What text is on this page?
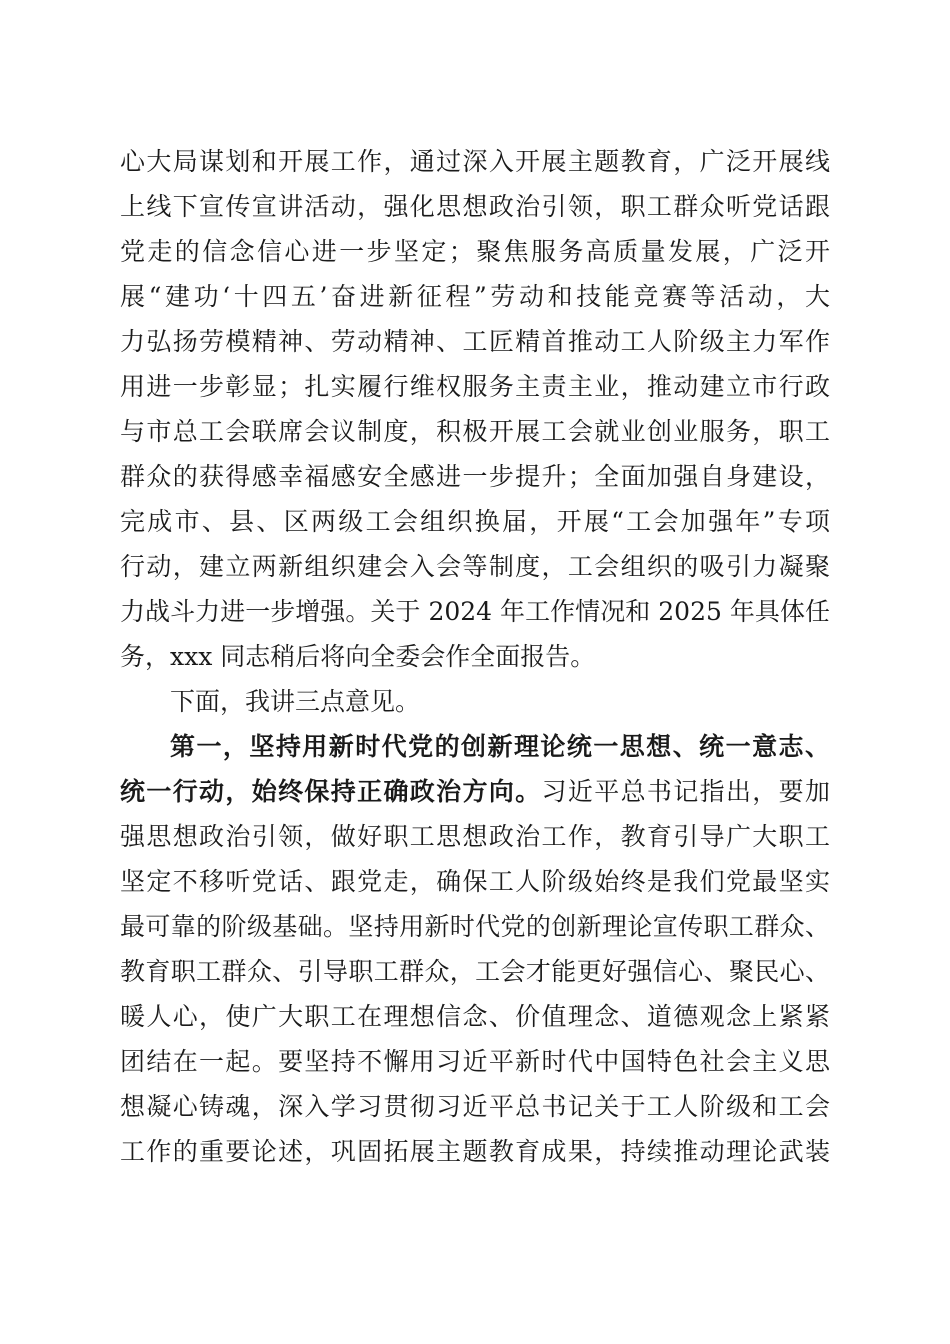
心大局谋划和开展工作，通过深入开展主题教育，广泛开展线

上线下宣传宣讲活动，强化思想政治引领，职工群众听党话跟

党走的信念信心进一步坚定；聚焦服务高质量发展，广泛开

展“建功‘十四五’奋进新征程”劳动和技能竞赛等活动，大

力弘扬劳模精神、劳动精神、工匠精首推动工人阶级主力军作

用进一步彰显；扎实履行维权服务主责主业，推动建立市行政

与市总工会联席会议制度，积极开展工会就业创业服务，职工

群众的获得感幸福感安全感进一步提升；全面加强自身建设，

完成市、县、区两级工会组织换届，开展“工会加强年”专项

行动，建立两新组织建会入会等制度，工会组织的吸引力凝聚

力战斗力进一步增强。关于 2024 年工作情况和 2025 年具体任

务，xxx 同志稍后将向全委会作全面报告。

下面，我讲三点意见。

第一，坚持用新时代党的创新理论统一思想、统一意志、

统一行动，始终保持正确政治方向。习近平总书记指出，要加

强思想政治引领，做好职工思想政治工作，教育引导广大职工

坚定不移听党话、跟党走，确保工人阶级始终是我们党最坚实

最可靠的阶级基础。坚持用新时代党的创新理论宣传职工群众、

教育职工群众、引导职工群众，工会才能更好强信心、聚民心、

暖人心，使广大职工在理想信念、价值理念、道德观念上紧紧

团结在一起。要坚持不懈用习近平新时代中国特色社会主义思

想凝心铸魂，深入学习贯彻习近平总书记关于工人阶级和工会

工作的重要论述，巩固拓展主题教育成果，持续推动理论武装
